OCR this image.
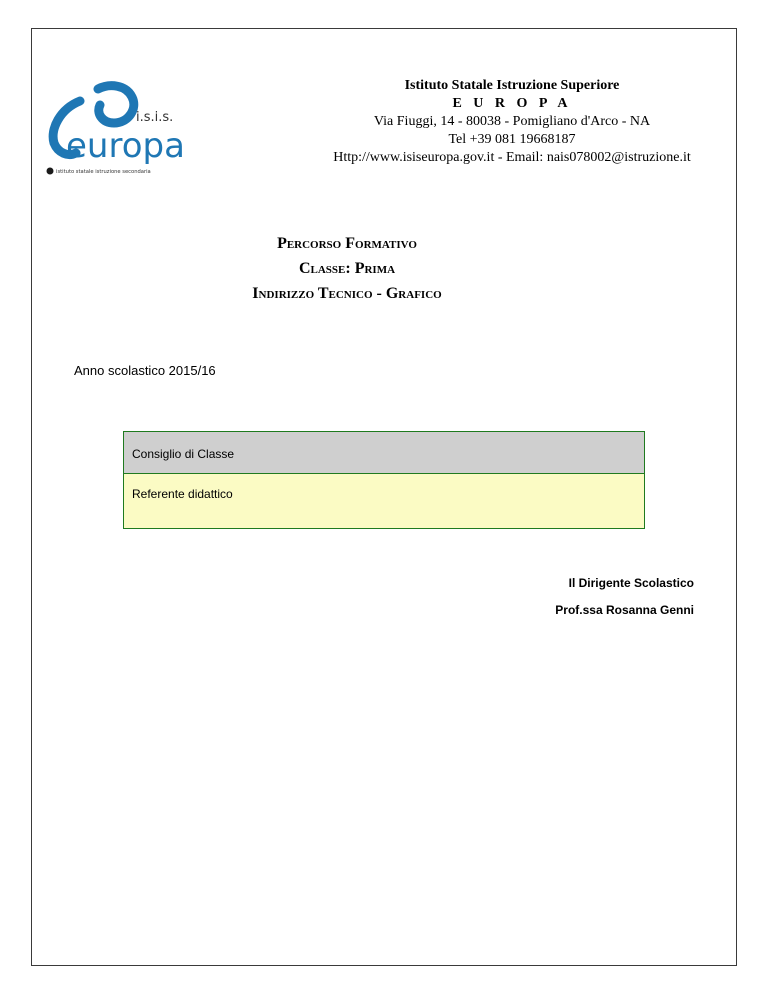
europa
i.s.i.s.
istituto statale istruzione secondaria
Istituto Statale Istruzione Superiore
E U R O P A
Via Fiuggi, 14 - 80038 - Pomigliano d'Arco - NA
Tel +39 081 19668187
Http://www.isiseuropa.gov.it - Email: nais078002@istruzione.it
Percorso Formativo
Classe: Prima
Indirizzo Tecnico - Grafico
Anno scolastico 2015/16
Consiglio di Classe
Referente didattico
Il Dirigente Scolastico
Prof.ssa Rosanna Genni
